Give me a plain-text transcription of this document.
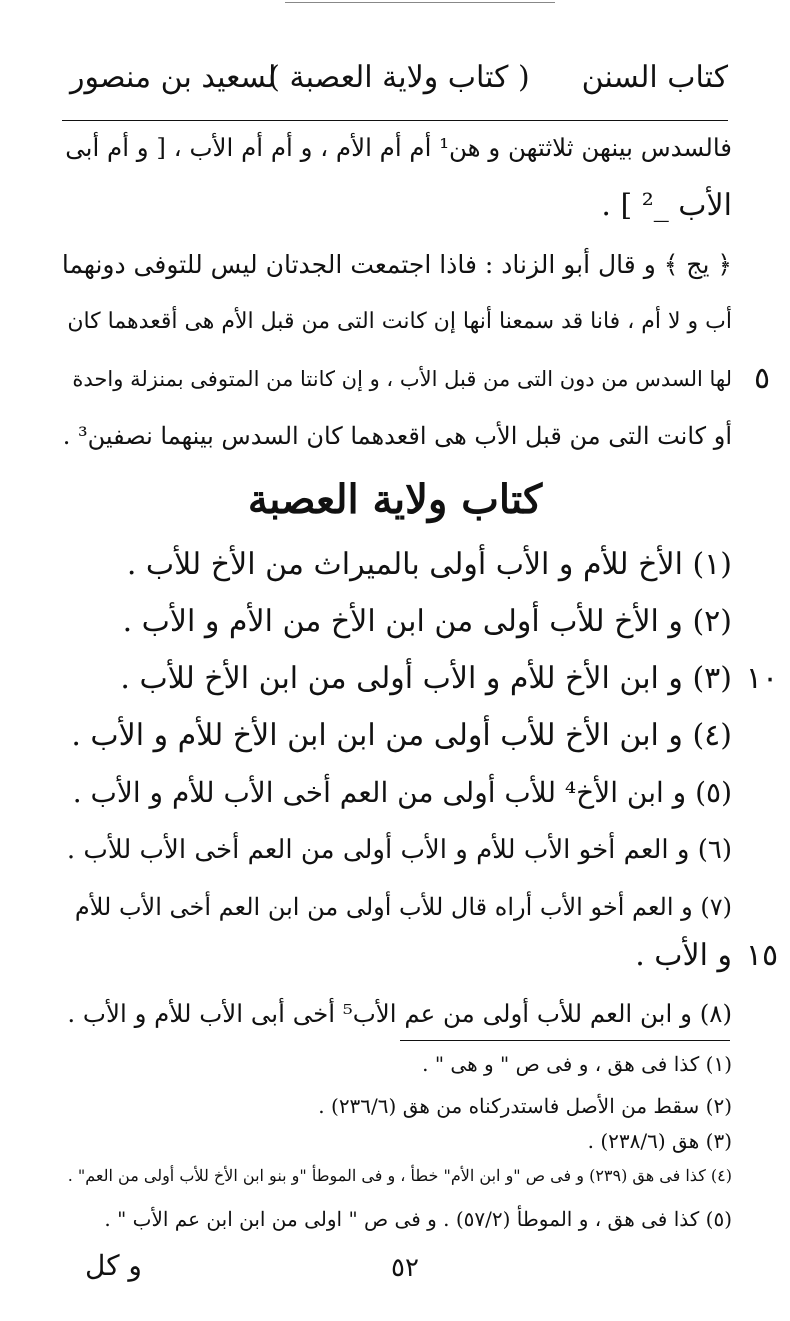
كتاب السنن
( كتاب ولاية العصبة )
لسعيد بن منصور
فالسدس بينهن ثلاثتهن و هن¹ أم أم الأم ، و أم أم الأب ، [ و أم أبى
الأب _² ] .
﴿ يج ﴾ و قال أبو الزناد : فاذا اجتمعت الجدتان ليس للتوفى دونهما
أب و لا أم ، فانا قد سمعنا أنها إن كانت التى من قبل الأم هى أقعدهما كان
لها السدس من دون التى من قبل الأب ، و إن كانتا من المتوفى بمنزلة واحدة
أو كانت التى من قبل الأب هى اقعدهما كان السدس بينهما نصفين³ .
٥
كتاب ولاية العصبة
(١) الأخ للأم و الأب أولى بالميراث من الأخ للأب .
(٢) و الأخ للأب أولى من ابن الأخ من الأم و الأب .
(٣) و ابن الأخ للأم و الأب أولى من ابن الأخ للأب . ١٠
(٤) و ابن الأخ للأب أولى من ابن ابن الأخ للأم و الأب .
(٥) و ابن الأخ⁴ للأب أولى من العم أخى الأب للأم و الأب .
(٦) و العم أخو الأب للأم و الأب أولى من العم أخى الأب للأب .
(٧) و العم أخو الأب أراه قال للأب أولى من ابن العم أخى الأب للأم
و الأب . ١٥
(٨) و ابن العم للأب أولى من عم الأب⁵ أخى أبى الأب للأم و الأب .
(١) كذا فى هق ، و فى ص " و هى " .
(٢) سقط من الأصل فاستدركناه من هق (٢٣٦/٦) .
(٣) هق (٢٣٨/٦) .
(٤) كذا فى هق (٢٣٩) و فى ص "و ابن الأم" خطأ ، و فى الموطأ "و بنو ابن الأخ للأب أولى من العم" .
(٥) كذا فى هق ، و الموطأ (٥٧/٢) . و فى ص " اولى من ابن ابن عم الأب " .
٥٢
و كل
